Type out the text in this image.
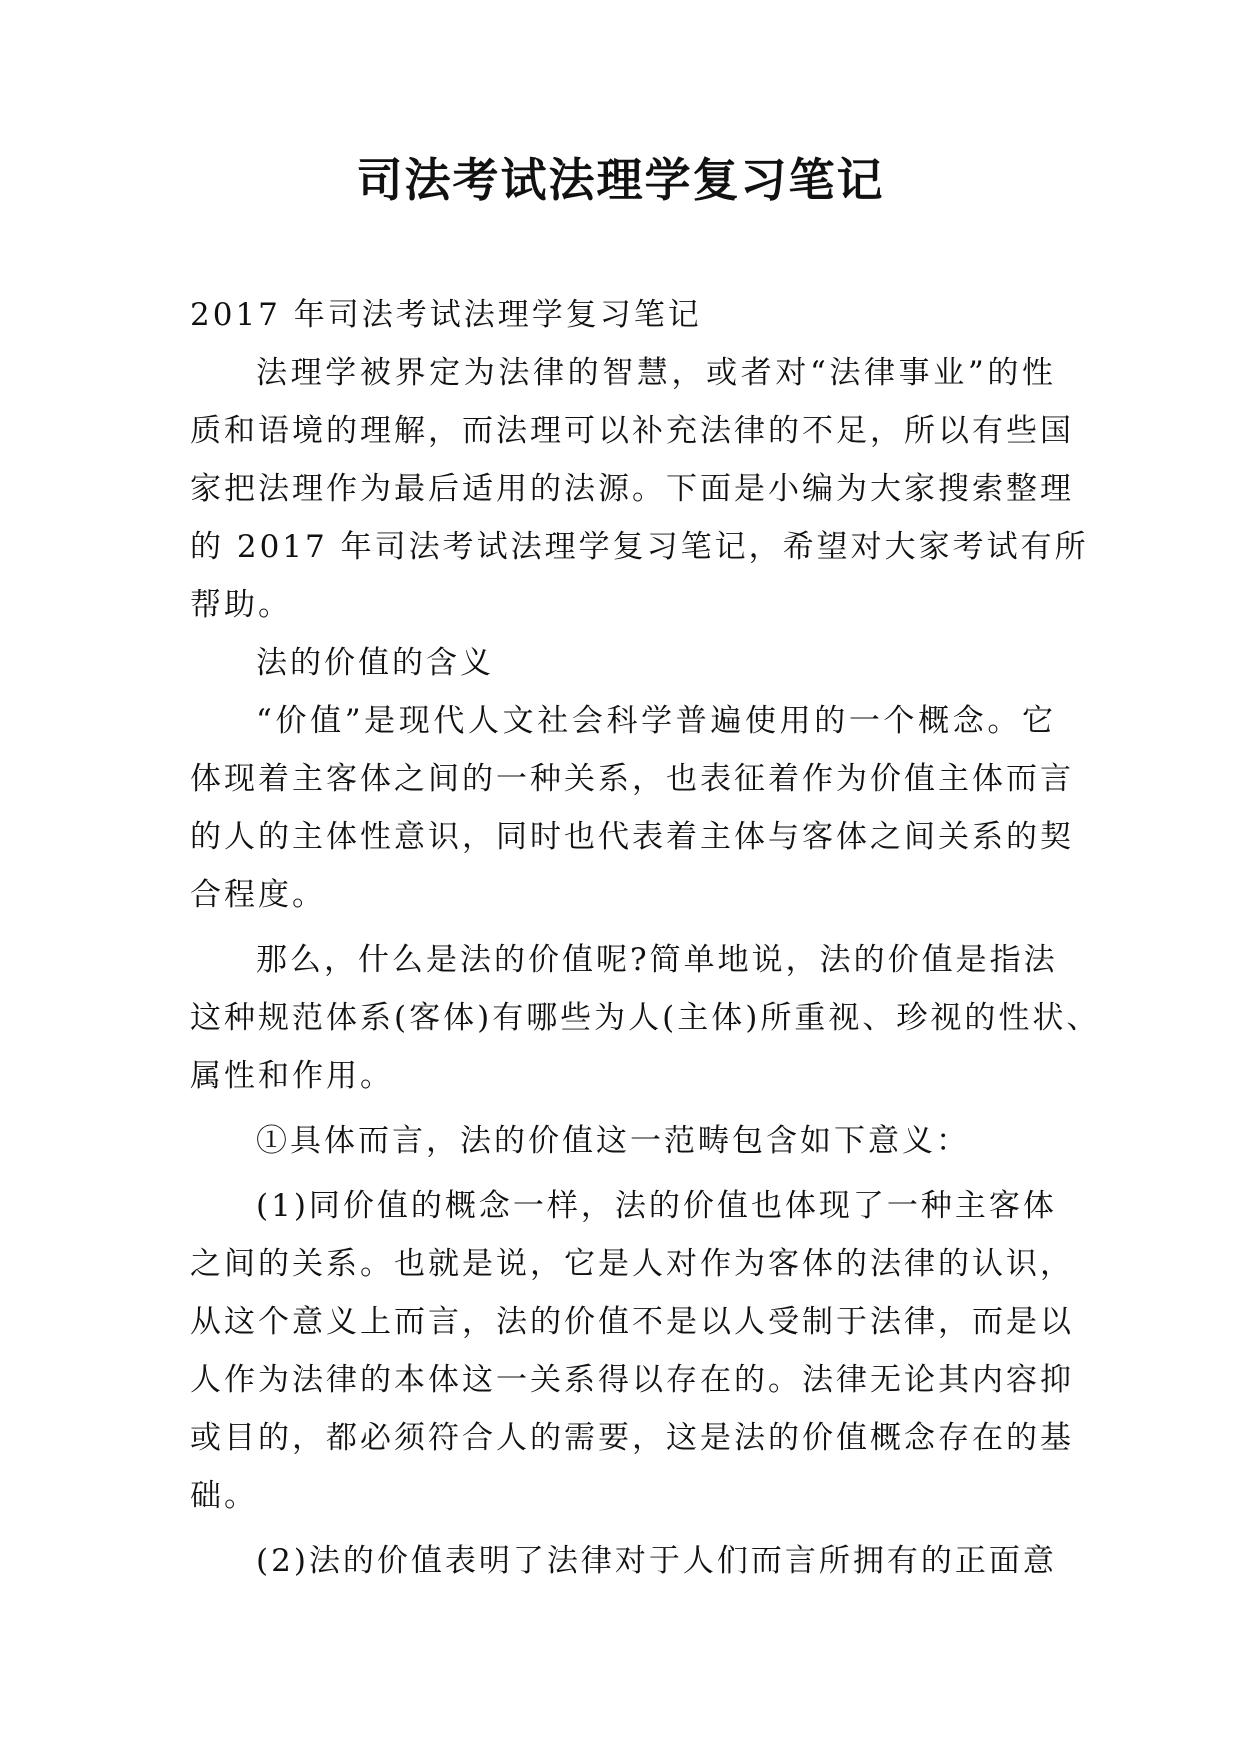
司法考试法理学复习笔记
2017 年司法考试法理学复习笔记
法理学被界定为法律的智慧，或者对“法律事业”的性
质和语境的理解，而法理可以补充法律的不足，所以有些国
家把法理作为最后适用的法源。下面是小编为大家搜索整理
的 2017 年司法考试法理学复习笔记，希望对大家考试有所
帮助。
法的价值的含义
“价值”是现代人文社会科学普遍使用的一个概念。它
体现着主客体之间的一种关系，也表征着作为价值主体而言
的人的主体性意识，同时也代表着主体与客体之间关系的契
合程度。
那么，什么是法的价值呢?简单地说，法的价值是指法
这种规范体系(客体)有哪些为人(主体)所重视、珍视的性状、
属性和作用。
①具体而言，法的价值这一范畴包含如下意义：
(1)同价值的概念一样，法的价值也体现了一种主客体
之间的关系。也就是说，它是人对作为客体的法律的认识，
从这个意义上而言，法的价值不是以人受制于法律，而是以
人作为法律的本体这一关系得以存在的。法律无论其内容抑
或目的，都必须符合人的需要，这是法的价值概念存在的基
础。
(2)法的价值表明了法律对于人们而言所拥有的正面意
